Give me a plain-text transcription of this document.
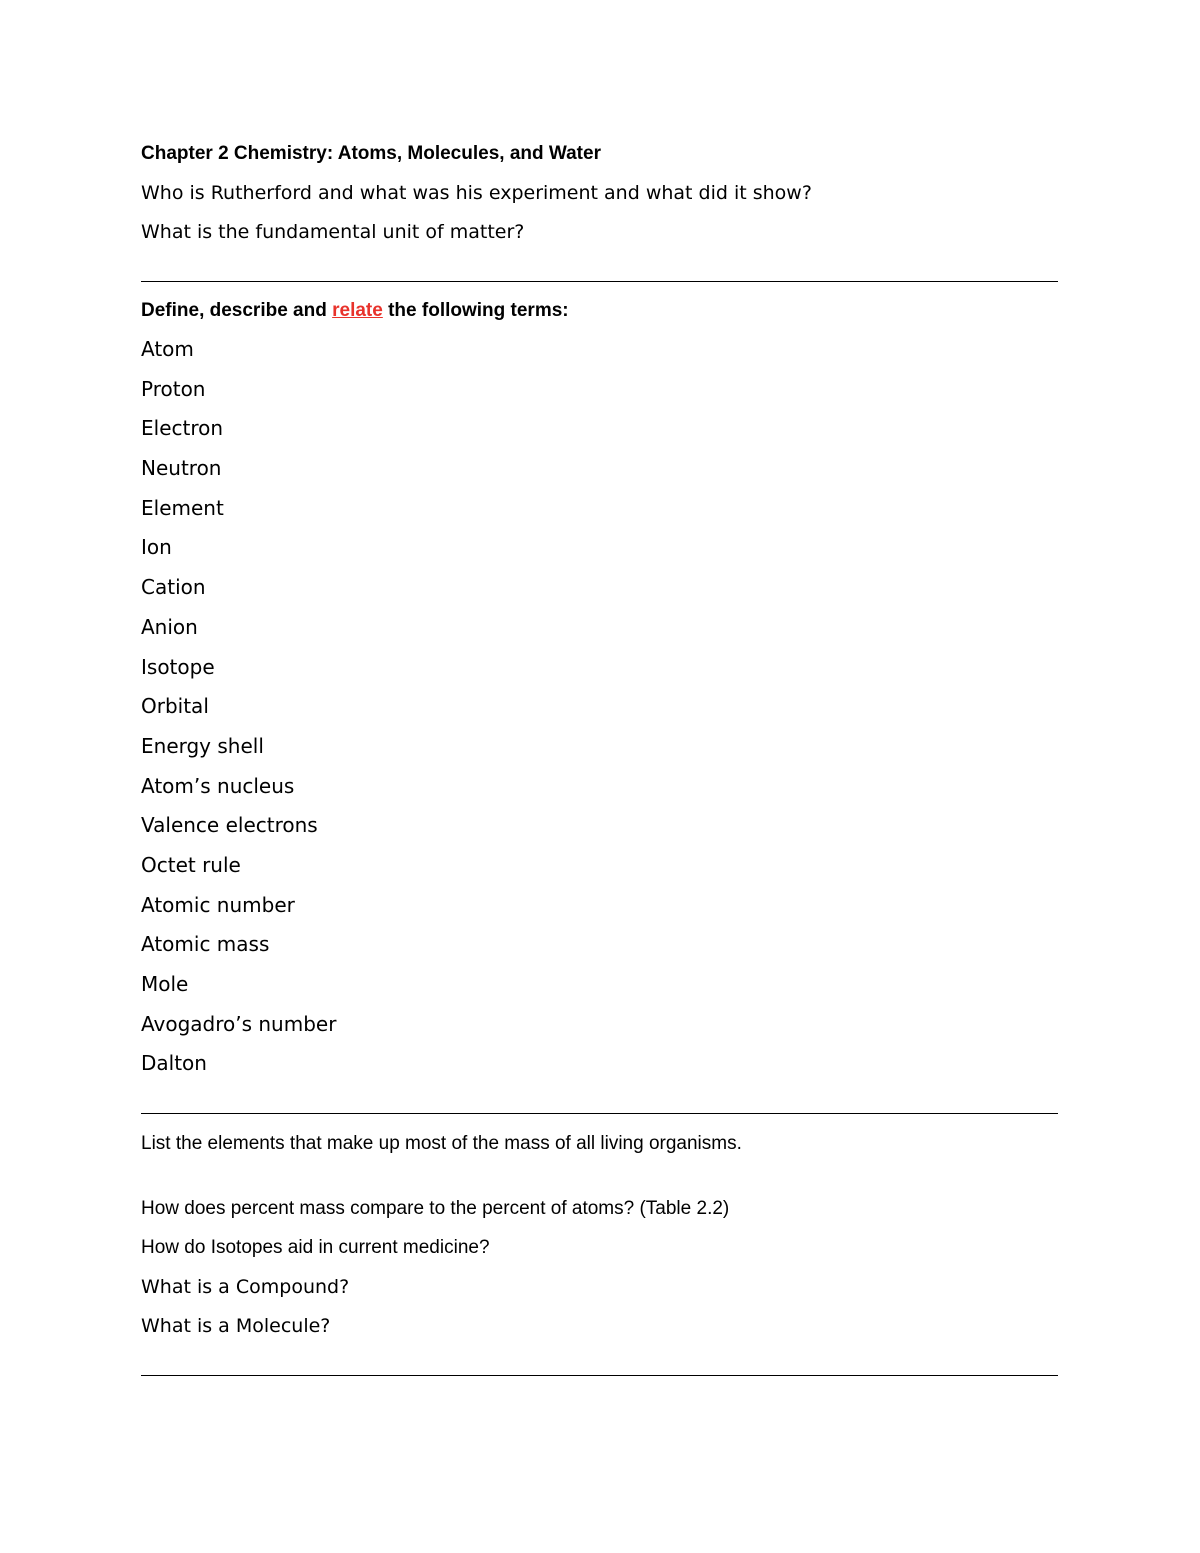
Chapter 2 Chemistry: Atoms, Molecules, and Water
Who is Rutherford and what was his experiment and what did it show?
What is the fundamental unit of matter?
Define, describe and relate the following terms:
Atom
Proton
Electron
Neutron
Element
Ion
Cation
Anion
Isotope
Orbital
Energy shell
Atom’s nucleus
Valence electrons
Octet rule
Atomic number
Atomic mass
Mole
Avogadro’s number
Dalton
List the elements that make up most of the mass of all living organisms.
How does percent mass compare to the percent of atoms? (Table 2.2)
How do Isotopes aid in current medicine?
What is a Compound?
What is a Molecule?
